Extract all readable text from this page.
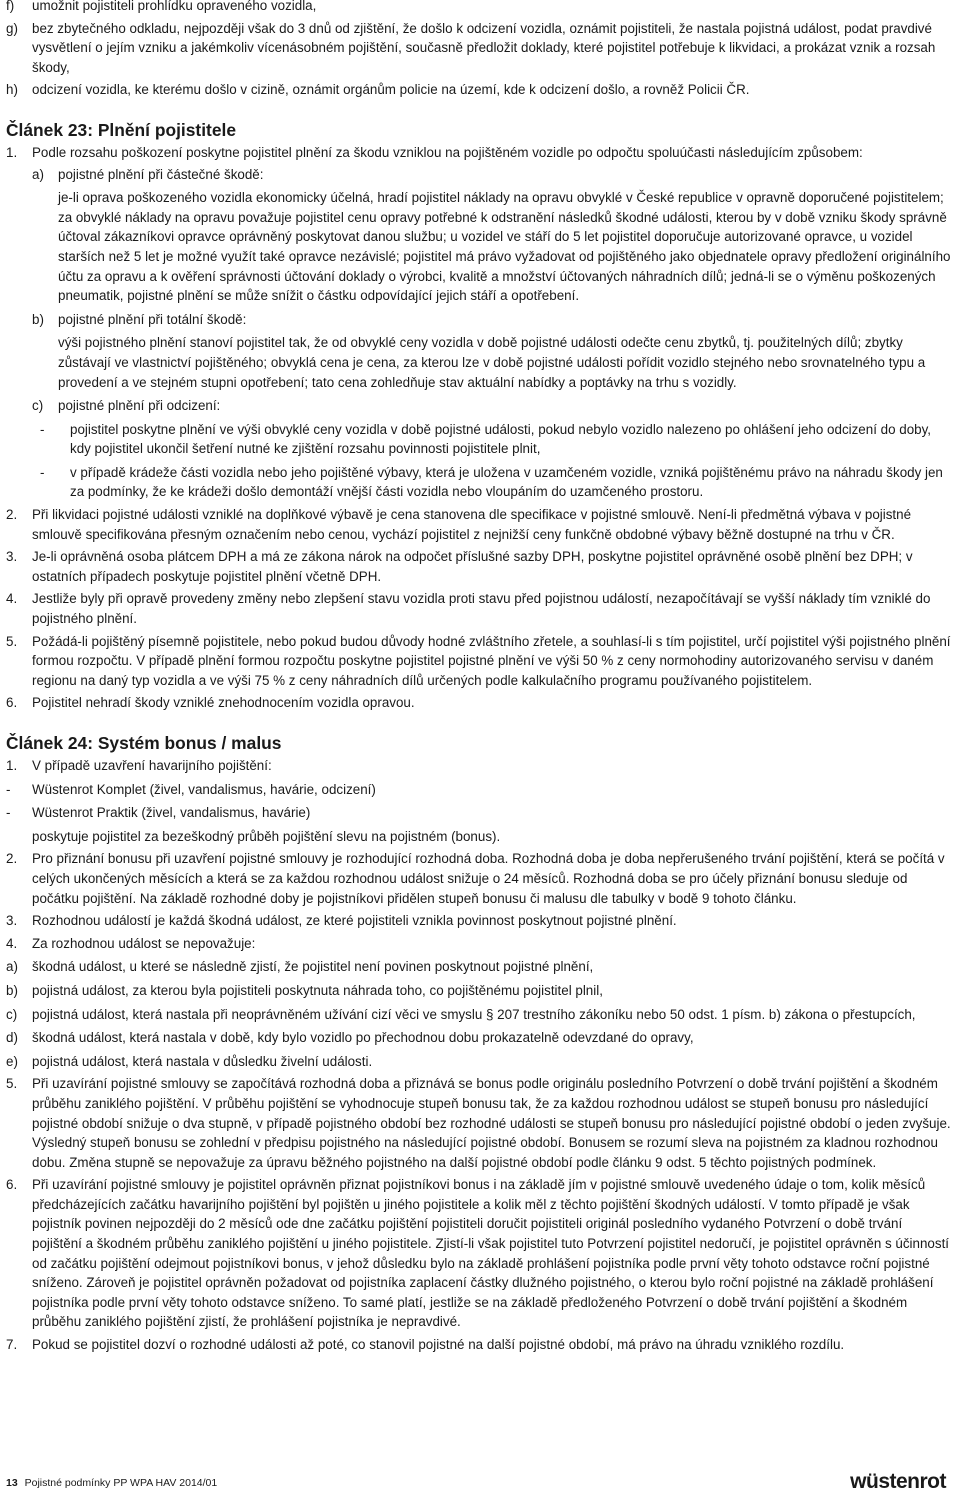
f) umožnit pojistiteli prohlídku opraveného vozidla,
g) bez zbytečného odkladu, nejpozději však do 3 dnů od zjištění, že došlo k odcizení vozidla, oznámit pojistiteli, že nastala pojistná událost, podat pravdivé vysvětlení o jejím vzniku a jakémkoliv vícenásobném pojištění, současně předložit doklady, které pojistitel potřebuje k likvidaci, a prokázat vznik a rozsah škody,
h) odcizení vozidla, ke kterému došlo v cizině, oznámit orgánům policie na území, kde k odcizení došlo, a rovněž Policii ČR.
Článek 23: Plnění pojistitele
1. Podle rozsahu poškození poskytne pojistitel plnění za škodu vzniklou na pojištěném vozidle po odpočtu spoluúčasti následujícím způsobem:
a) pojistné plnění při částečné škodě:
je-li oprava poškozeného vozidla ekonomicky účelná, hradí pojistitel náklady na opravu obvyklé v České republice v opravně doporučené pojistitelem; za obvyklé náklady na opravu považuje pojistitel cenu opravy potřebné k odstranění následků škodné události, kterou by v době vzniku škody správně účtoval zákazníkovi opravce oprávněný poskytovat danou službu; u vozidel ve stáří do 5 let pojistitel doporučuje autorizované opravce, u vozidel starších než 5 let je možné využít také opravce nezávislé; pojistitel má právo vyžadovat od pojištěného jako objednatele opravy předložení originálního účtu za opravu a k ověření správnosti účtování doklady o výrobci, kvalitě a množství účtovaných náhradních dílů; jedná-li se o výměnu poškozených pneumatik, pojistné plnění se může snížit o částku odpovídající jejich stáří a opotřebení.
b) pojistné plnění při totální škodě:
výši pojistného plnění stanoví pojistitel tak, že od obvyklé ceny vozidla v době pojistné události odečte cenu zbytků, tj. použitelných dílů; zbytky zůstávají ve vlastnictví pojištěného; obvyklá cena je cena, za kterou lze v době pojistné události pořídit vozidlo stejného nebo srovnatelného typu a provedení a ve stejném stupni opotřebení; tato cena zohledňuje stav aktuální nabídky a poptávky na trhu s vozidly.
c) pojistné plnění při odcizení:
- pojistitel poskytne plnění ve výši obvyklé ceny vozidla v době pojistné události, pokud nebylo vozidlo nalezeno po ohlášení jeho odcizení do doby, kdy pojistitel ukončil šetření nutné ke zjištění rozsahu povinnosti pojistitele plnit,
- v případě krádeže části vozidla nebo jeho pojištěné výbavy, která je uložena v uzamčeném vozidle, vzniká pojištěnému právo na náhradu škody jen za podmínky, že ke krádeži došlo demontáží vnější části vozidla nebo vloupáním do uzamčeného prostoru.
2. Při likvidaci pojistné události vzniklé na doplňkové výbavě je cena stanovena dle specifikace v pojistné smlouvě. Není-li předmětná výbava v pojistné smlouvě specifikována přesným označením nebo cenou, vychází pojistitel z nejnižší ceny funkčně obdobné výbavy běžně dostupné na trhu v ČR.
3. Je-li oprávněná osoba plátcem DPH a má ze zákona nárok na odpočet příslušné sazby DPH, poskytne pojistitel oprávněné osobě plnění bez DPH; v ostatních případech poskytuje pojistitel plnění včetně DPH.
4. Jestliže byly při opravě provedeny změny nebo zlepšení stavu vozidla proti stavu před pojistnou událostí, nezapočítávají se vyšší náklady tím vzniklé do pojistného plnění.
5. Požádá-li pojištěný písemně pojistitele, nebo pokud budou důvody hodné zvláštního zřetele, a souhlasí-li s tím pojistitel, určí pojistitel výši pojistného plnění formou rozpočtu. V případě plnění formou rozpočtu poskytne pojistitel pojistné plnění ve výši 50 % z ceny normohodiny autorizovaného servisu v daném regionu na daný typ vozidla a ve výši 75 % z ceny náhradních dílů určených podle kalkulačního programu používaného pojistitelem.
6. Pojistitel nehradí škody vzniklé znehodnocením vozidla opravou.
Článek 24: Systém bonus / malus
1. V případě uzavření havarijního pojištění:
- Wüstenrot Komplet (živel, vandalismus, havárie, odcizení)
- Wüstenrot Praktik (živel, vandalismus, havárie)
poskytuje pojistitel za bezeškodný průběh pojištění slevu na pojistném (bonus).
2. Pro přiznání bonusu při uzavření pojistné smlouvy je rozhodující rozhodná doba. Rozhodná doba je doba nepřerušeného trvání pojištění, která se počítá v celých ukončených měsících a která se za každou rozhodnou událost snižuje o 24 měsíců. Rozhodná doba se pro účely přiznání bonusu sleduje od počátku pojištění. Na základě rozhodné doby je pojistníkovi přidělen stupeň bonusu či malusu dle tabulky v bodě 9 tohoto článku.
3. Rozhodnou událostí je každá škodná událost, ze které pojistiteli vznikla povinnost poskytnout pojistné plnění.
4. Za rozhodnou událost se nepovažuje:
a) škodná událost, u které se následně zjistí, že pojistitel není povinen poskytnout pojistné plnění,
b) pojistná událost, za kterou byla pojistiteli poskytnuta náhrada toho, co pojištěnému pojistitel plnil,
c) pojistná událost, která nastala při neoprávněném užívání cizí věci ve smyslu § 207 trestního zákoníku nebo 50 odst. 1 písm. b) zákona o přestupcích,
d) škodná událost, která nastala v době, kdy bylo vozidlo po přechodnou dobu prokazatelně odevzdané do opravy,
e) pojistná událost, která nastala v důsledku živelní události.
5. Při uzavírání pojistné smlouvy se započítává rozhodná doba a přiznává se bonus podle originálu posledního Potvrzení o době trvání pojištění a škodném průběhu zaniklého pojištění. V průběhu pojištění se vyhodnocuje stupeň bonusu tak, že za každou rozhodnou událost se stupeň bonusu pro následující pojistné období snižuje o dva stupně, v případě pojistného období bez rozhodné události se stupeň bonusu pro následující pojistné období o jeden zvyšuje. Výsledný stupeň bonusu se zohlední v předpisu pojistného na následující pojistné období. Bonusem se rozumí sleva na pojistném za kladnou rozhodnou dobu. Změna stupně se nepovažuje za úpravu běžného pojistného na další pojistné období podle článku 9 odst. 5 těchto pojistných podmínek.
6. Při uzavírání pojistné smlouvy je pojistitel oprávněn přiznat pojistníkovi bonus i na základě jím v pojistné smlouvě uvedeného údaje o tom, kolik měsíců předcházejících začátku havarijního pojištění byl pojištěn u jiného pojistitele a kolik měl z těchto pojištění škodných událostí. V tomto případě je však pojistník povinen nejpozději do 2 měsíců ode dne začátku pojištění pojistiteli doručit pojistiteli originál posledního vydaného Potvrzení o době trvání pojištění a škodném průběhu zaniklého pojištění u jiného pojistitele. Zjistí-li však pojistitel tuto Potvrzení pojistitel nedoručí, je pojistitel oprávněn s účinností od začátku pojištění odejmout pojistníkovi bonus, v jehož důsledku bylo na základě prohlášení pojistníka podle první věty tohoto odstavce roční pojistné sníženo. Zároveň je pojistitel oprávněn požadovat od pojistníka zaplacení částky dlužného pojistného, o kterou bylo roční pojistné na základě prohlášení pojistníka podle první věty tohoto odstavce sníženo. To samé platí, jestliže se na základě předloženého Potvrzení o době trvání pojištění a škodném průběhu zaniklého pojištění zjistí, že prohlášení pojistníka je nepravdivé.
7. Pokud se pojistitel dozví o rozhodné události až poté, co stanovil pojistné na další pojistné období, má právo na úhradu vzniklého rozdílu.
13 Pojistné podmínky PP WPA HAV 2014/01	wüstenrot
